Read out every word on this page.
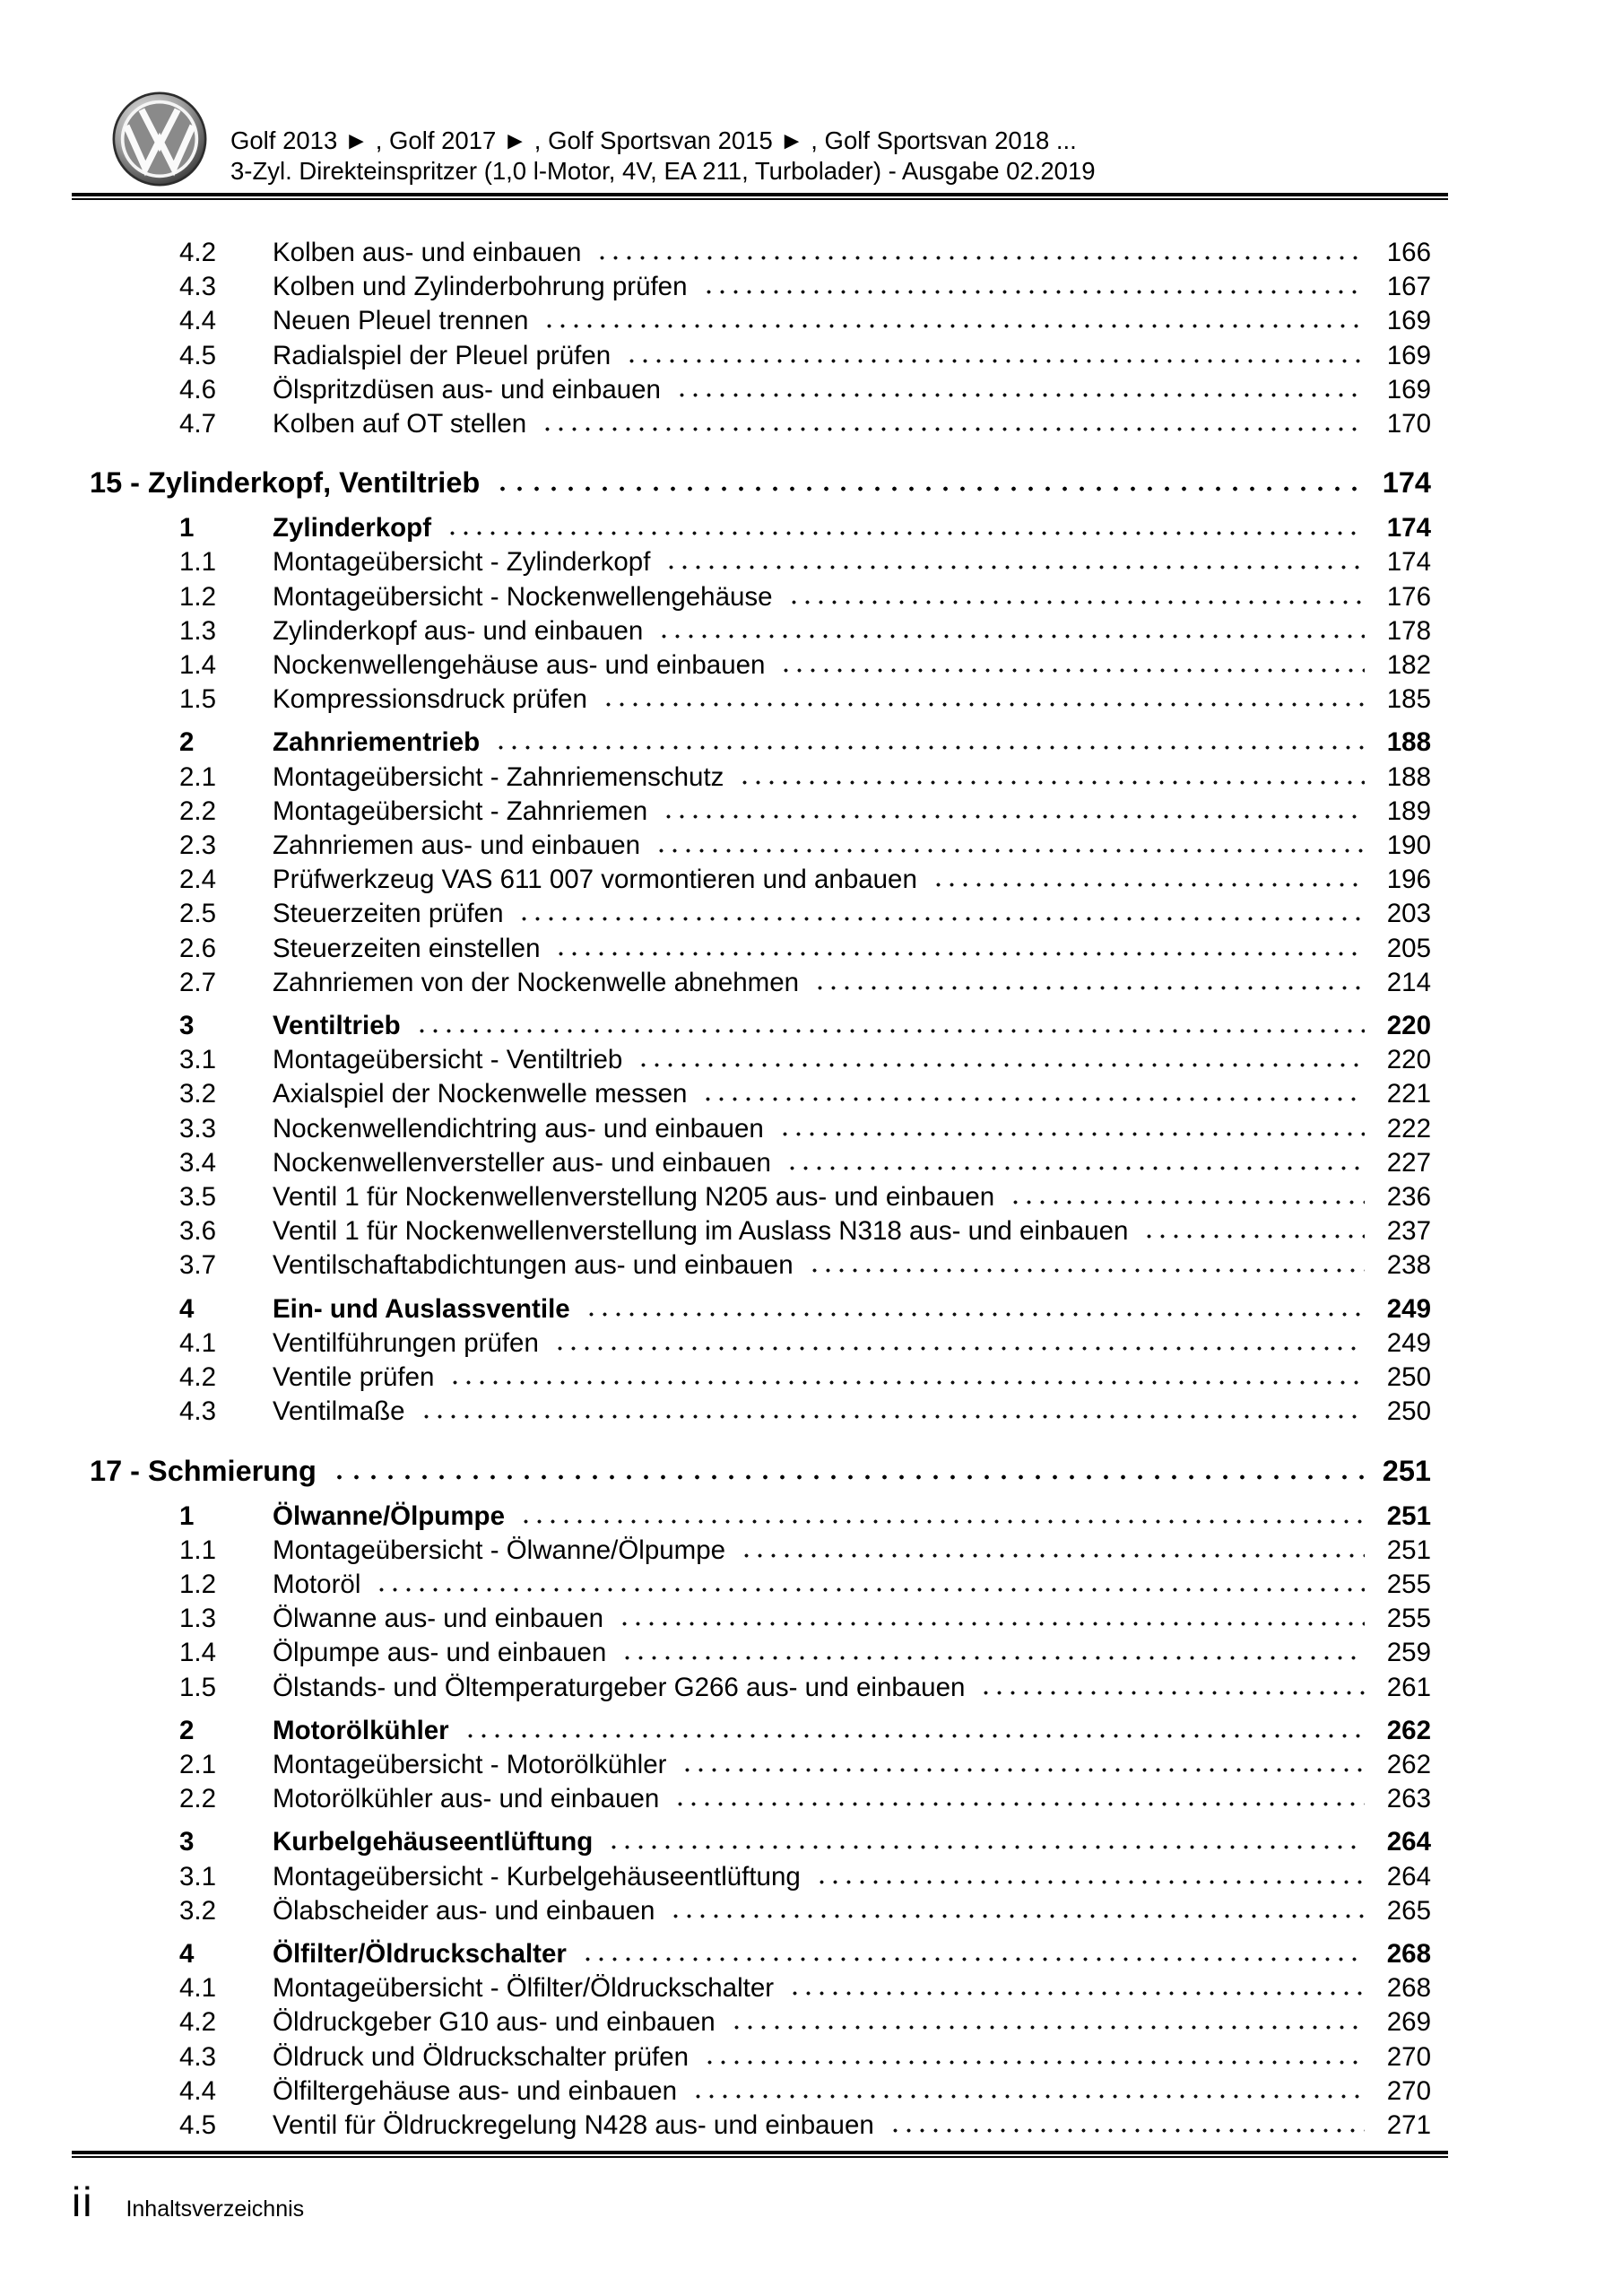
Golf 2013 ► , Golf 2017 ► , Golf Sportsvan 2015 ► , Golf Sportsvan 2018 ...
3-Zyl. Direkteinspritzer (1,0 l-Motor, 4V, EA 211, Turbolader) - Ausgabe 02.2019
4.2	Kolben aus- und einbauen	166
4.3	Kolben und Zylinderbohrung prüfen	167
4.4	Neuen Pleuel trennen	169
4.5	Radialspiel der Pleuel prüfen	169
4.6	Ölspritzdüsen aus- und einbauen	169
4.7	Kolben auf OT stellen	170
15 - Zylinderkopf, Ventiltrieb	174
1	Zylinderkopf	174
1.1	Montageübersicht - Zylinderkopf	174
1.2	Montageübersicht - Nockenwellengehäuse	176
1.3	Zylinderkopf aus- und einbauen	178
1.4	Nockenwellengehäuse aus- und einbauen	182
1.5	Kompressionsdruck prüfen	185
2	Zahnriementrieb	188
2.1	Montageübersicht - Zahnriemenschutz	188
2.2	Montageübersicht - Zahnriemen	189
2.3	Zahnriemen aus- und einbauen	190
2.4	Prüfwerkzeug VAS 611 007 vormontieren und anbauen	196
2.5	Steuerzeiten prüfen	203
2.6	Steuerzeiten einstellen	205
2.7	Zahnriemen von der Nockenwelle abnehmen	214
3	Ventiltrieb	220
3.1	Montageübersicht - Ventiltrieb	220
3.2	Axialspiel der Nockenwelle messen	221
3.3	Nockenwellendichtring aus- und einbauen	222
3.4	Nockenwellenversteller aus- und einbauen	227
3.5	Ventil 1 für Nockenwellenverstellung N205 aus- und einbauen	236
3.6	Ventil 1 für Nockenwellenverstellung im Auslass N318 aus- und einbauen	237
3.7	Ventilschaftabdichtungen aus- und einbauen	238
4	Ein- und Auslassventile	249
4.1	Ventilführungen prüfen	249
4.2	Ventile prüfen	250
4.3	Ventilmaße	250
17 - Schmierung	251
1	Ölwanne/Ölpumpe	251
1.1	Montageübersicht - Ölwanne/Ölpumpe	251
1.2	Motoröl	255
1.3	Ölwanne aus- und einbauen	255
1.4	Ölpumpe aus- und einbauen	259
1.5	Ölstands- und Öltemperaturgeber G266 aus- und einbauen	261
2	Motorölkühler	262
2.1	Montageübersicht - Motorölkühler	262
2.2	Motorölkühler aus- und einbauen	263
3	Kurbelgehäuseentlüftung	264
3.1	Montageübersicht - Kurbelgehäuseentlüftung	264
3.2	Ölabscheider aus- und einbauen	265
4	Ölfilter/Öldruckschalter	268
4.1	Montageübersicht - Ölfilter/Öldruckschalter	268
4.2	Öldruckgeber G10 aus- und einbauen	269
4.3	Öldruck und Öldruckschalter prüfen	270
4.4	Ölfiltergehäuse aus- und einbauen	270
4.5	Ventil für Öldruckregelung N428 aus- und einbauen	271
ii Inhaltsverzeichnis
